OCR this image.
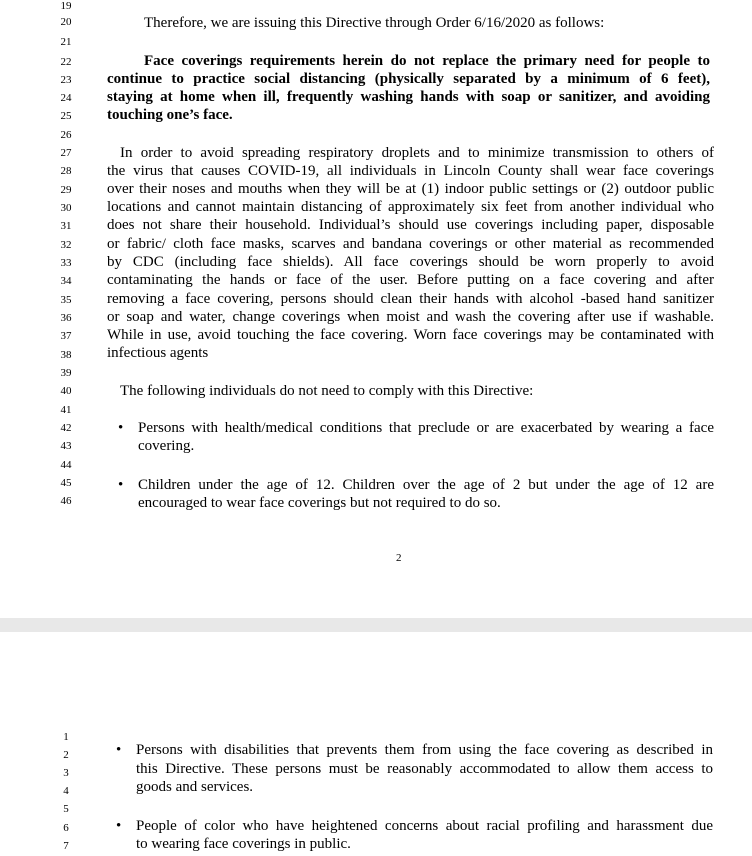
19
20
21
22
23
24
25
26
27
28
29
30
31
32
33
34
35
36
37
38
39
40
41
42
43
44
45
46
Therefore, we are issuing this Directive through Order 6/16/2020 as follows:
Face coverings requirements herein do not replace the primary need for people to
continue to practice social distancing (physically separated by a minimum of 6 feet),
staying at home when ill, frequently washing hands with soap or sanitizer, and avoiding
touching one’s face.
In order to avoid spreading respiratory droplets and to minimize transmission to others of
the virus that causes COVID-19, all individuals in Lincoln County shall wear face coverings
over their noses and mouths when they will be at (1) indoor public settings or (2) outdoor public
locations and cannot maintain distancing of approximately six feet from another individual who
does not share their household. Individual’s should use coverings including paper, disposable
or fabric/ cloth face masks, scarves and bandana coverings or other material as recommended
by CDC (including face shields). All face coverings should be worn properly to avoid
contaminating the hands or face of the user. Before putting on a face covering and after
removing a face covering, persons should clean their hands with alcohol -based hand sanitizer
or soap and water, change coverings when moist and wash the covering after use if washable.
While in use, avoid touching the face covering. Worn face coverings may be contaminated with
infectious agents
The following individuals do not need to comply with this Directive:
• Persons with health/medical conditions that preclude or are exacerbated by wearing a face
covering.
• Children under the age of 12. Children over the age of 2 but under the age of 12 are
encouraged to wear face coverings but not required to do so.
2
1
2
3
4
5
6
7
• Persons with disabilities that prevents them from using the face covering as described in
this Directive. These persons must be reasonably accommodated to allow them access to
goods and services.
• People of color who have heightened concerns about racial profiling and harassment due
to wearing face coverings in public.
